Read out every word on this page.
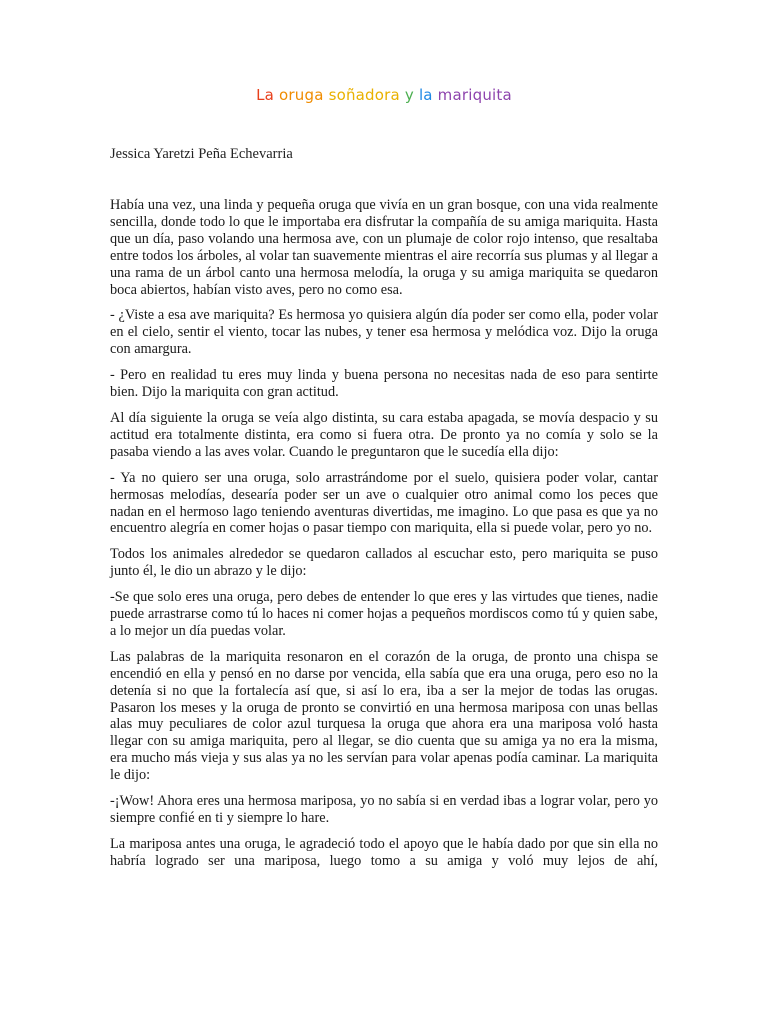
La oruga soñadora y la mariquita
Jessica Yaretzi Peña Echevarria

Había una vez, una linda y pequeña oruga que vivía en un gran bosque, con una vida realmente sencilla, donde todo lo que le importaba era disfrutar la compañía de su amiga mariquita. Hasta que un día, paso volando una hermosa ave, con un plumaje de color rojo intenso, que resaltaba entre todos los árboles, al volar tan suavemente mientras el aire recorría sus plumas y al llegar a una rama de un árbol canto una hermosa melodía, la oruga y su amiga mariquita se quedaron boca abiertos, habían visto aves, pero no como esa.

- ¿Viste a esa ave mariquita? Es hermosa yo quisiera algún día poder ser como ella, poder volar en el cielo, sentir el viento, tocar las nubes, y tener esa hermosa y melódica voz. Dijo la oruga con amargura.

- Pero en realidad tu eres muy linda y buena persona no necesitas nada de eso para sentirte bien. Dijo la mariquita con gran actitud.

Al día siguiente la oruga se veía algo distinta, su cara estaba apagada, se movía despacio y su actitud era totalmente distinta, era como si fuera otra. De pronto ya no comía y solo se la pasaba viendo a las aves volar. Cuando le preguntaron que le sucedía ella dijo:

- Ya no quiero ser una oruga, solo arrastrándome por el suelo, quisiera poder volar, cantar hermosas melodías, desearía poder ser un ave o cualquier otro animal como los peces que nadan en el hermoso lago teniendo aventuras divertidas, me imagino. Lo que pasa es que ya no encuentro alegría en comer hojas o pasar tiempo con mariquita, ella si puede volar, pero yo no.

Todos los animales alrededor se quedaron callados al escuchar esto, pero mariquita se puso junto él, le dio un abrazo y le dijo:

-Se que solo eres una oruga, pero debes de entender lo que eres y las virtudes que tienes, nadie puede arrastrarse como tú lo haces ni comer hojas a pequeños mordiscos como tú y quien sabe, a lo mejor un día puedas volar.

Las palabras de la mariquita resonaron en el corazón de la oruga, de pronto una chispa se encendió en ella y pensó en no darse por vencida, ella sabía que era una oruga, pero eso no la detenía si no que la fortalecía así que, si así lo era, iba a ser la mejor de todas las orugas. Pasaron los meses y la oruga de pronto se convirtió en una hermosa mariposa con unas bellas alas muy peculiares de color azul turquesa la oruga que ahora era una mariposa voló hasta llegar con su amiga mariquita, pero al llegar, se dio cuenta que su amiga ya no era la misma, era mucho más vieja y sus alas ya no les servían para volar apenas podía caminar. La mariquita le dijo:

-¡Wow! Ahora eres una hermosa mariposa, yo no sabía si en verdad ibas a lograr volar, pero yo siempre confié en ti y siempre lo hare.

La mariposa antes una oruga, le agradeció todo el apoyo que le había dado por que sin ella no habría logrado ser una mariposa, luego tomo a su amiga y voló muy lejos de ahí,
